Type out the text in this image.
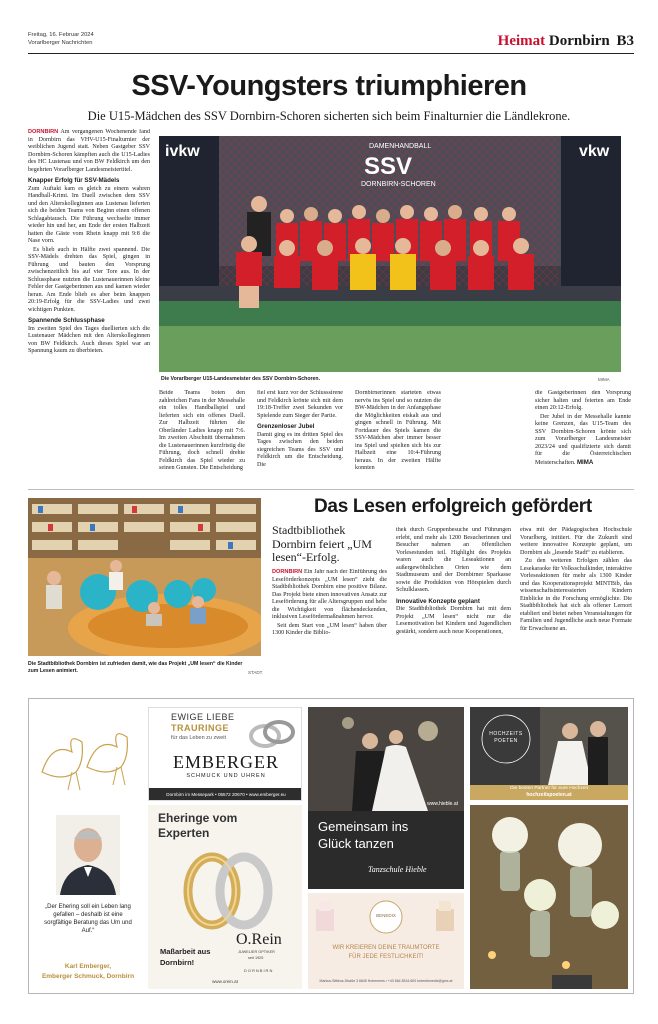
Freitag, 16. Februar 2024
Vorarlberger Nachrichten	Heimat Dornbirn B3
SSV-Youngsters triumphieren
Die U15-Mädchen des SSV Dornbirn-Schoren sicherten sich beim Finalturnier die Ländlekrone.

DORNBIRN Am vergangenen Wochenende fand in Dornbirn das VHV-U15-Finalturnier der weiblichen Jugend statt. Neben Gastgeber SSV Dornbirn-Schoren kämpften auch die U15-Ladies des HC Lustenau und von BW Feldkirch um den begehrten Vorarlberger Landesmeistertitel.

Knapper Erfolg für SSV-Mädels

Zum Auftakt kam es gleich zu einem wahren Handball-Krimi. Im Duell zwischen dem SSV und den Alterskolleginnen aus Lustenau lieferten sich die beiden Teams von Beginn einen offenen Schlagabtausch. Die Führung wechselte immer wieder hin und her, am Ende der ersten Halbzeit hatten die Gäste vom Rhein knapp mit 9:8 die Nase vorn.

Es blieb auch in Hälfte zwei spannend. Die SSV-Mädels drehten das Spiel, gingen in Führung und bauten den Vorsprung zwischenzeitlich bis auf vier Tore aus. In der Schlussphase nutzten die Lustenauerinnen kleine Fehler der Gastgeberinnen aus und kamen wieder heran. Am Ende blieb es aber beim knappen 20:19-Erfolg für die SSV-Ladies und zwei wichtigen Punkten.

Spannende Schlussphase

Im zweiten Spiel des Tages duellierten sich die Lustenauer Mädchen mit den Alterskolleginnen von BW Feldkirch. Auch dieses Spiel war an Spannung kaum zu überbieten.

ivkw	DAMENHANDBALL
SSV
DORNBIRN-SCHOREN
vkw
Die Vorarlberger U15-Landesmeister des SSV Dornbirn-Schoren.	MIMA

Beide Teams boten den zahlreichen Fans in der Messehalle ein tolles Handballspiel und lieferten sich ein offenes Duell. Zur Halbzeit führten die Oberländer Ladies knapp mit 7:6. Im zweiten Abschnitt übernahmen die Lustenauerinnen kurzfristig die Führung, doch schnell drehte Feldkirch das Spiel wieder zu seinen Gunsten. Die Entscheidung

fiel erst kurz vor der Schlusssirene und Feldkirch krönte sich mit dem 19:18-Treffer zwei Sekunden vor Spielende zum Sieger der Partie.

Grenzenloser Jubel

Damit ging es im dritten Spiel des Tages zwischen den beiden siegreichen Teams des SSV und Feldkirch um die Entscheidung. Die

Dornbirnerinnen starteten etwas nervös ins Spiel und so nutzten die BW-Mädchen in der Anfangsphase die Möglichkeiten eiskalt aus und gingen schnell in Führung. Mit Fortdauer des Spiels kamen die SSV-Mädchen aber immer besser ins Spiel und spielten sich bis zur Halbzeit eine 10:4-Führung heraus. In der zweiten Hälfte konnten

die Gastgeberinnen den Vorsprung sicher halten und feierten am Ende einen 20:12-Erfolg.

Der Jubel in der Messehalle kannte keine Grenzen, das U15-Team des SSV Dornbirn-Schoren krönte sich zum Vorarlberger Landesmeister 2023/24 und qualifizierte sich damit für die Österreichischen Meisterschaften. MIMA

Die Stadtbibliothek Dornbirn ist zufrieden damit, wie das Projekt „UM lesen“ die Kinder zum Lesen animiert.	STADT
Das Lesen erfolgreich gefördert
Stadtbibliothek
Dornbirn feiert „UM
lesen“-Erfolg.

DORNBIRN Ein Jahr nach der Einführung des Leseförderkonzepts „UM lesen“ zieht die Stadtbibliothek Dornbirn eine positive Bilanz. Das Projekt biete einen innovativen Ansatz zur Leseförderung für alle Altersgruppen und hebe die Wichtigkeit von flächendeckenden, inklusiven Lesefördermaßnahmen hervor.

Seit dem Start von „UM lesen“ haben über 1300 Kinder die Biblio-

thek durch Gruppenbesuche und Führungen erlebt, und mehr als 1200 Besucherinnen und Besucher nahmen an öffentlichen Vorlesestunden teil. Highlight des Projekts waren auch die Leseaktionen an außergewöhnlichen Orten wie dem Stadtmuseum und der Dornbirner Sparkasse sowie die Produktion von Hörspielen durch Schulklassen.

Innovative Konzepte geplant

Die Stadtbibliothek Dornbirn hat mit dem Projekt „UM lesen“ nicht nur die Lesemotivation bei Kindern und Jugendlichen gestärkt, sondern auch neue Kooperationen,

etwa mit der Pädagogischen Hochschule Vorarlberg, initiiert. Für die Zukunft sind weitere innovative Konzepte geplant, um Dornbirn als „lesende Stadt“ zu etablieren.

Zu den weiteren Erfolgen zählen das Lesekaraoke für Volksschulkinder, interaktive Vorleseaktionen für mehr als 1300 Kinder und das Kooperationsprojekt MINTBib, das wissenschaftsinteressierten Kindern Einblicke in die Forschung ermöglichte. Die Stadtbibliothek hat sich als offener Lernort etabliert und bietet neben Veranstaltungen für Familien und Jugendliche auch neue Formate für Erwachsene an.

EWIGE LIEBE
TRAURINGE
für das Leben zu zweit
EMBERGER
SCHMUCK UND UHREN
Dornbirn im Messepark • 05572 20670 • www.emberger.eu
„Der Ehering soll ein Leben lang gefallen – deshalb ist eine sorgfältige Beratung das Um und Auf.“
Karl Emberger,
Emberger Schmuck, Dornbirn
Eheringe vom
Experten
Maßarbeit aus
Dornbirn!
O.Rein
JUWELIER OPTIKER
seit 1925
DORNBIRN
www.orein.at
www.hieble.at
Gemeinsam ins
Glück tanzen
Tanzschule Hieble
BENEDIX
WIR KREIEREN DEINE TRAUMTORTE
FÜR JEDE FESTLICHKEIT!
Markus-Sittikus-Straße 3 6845 Hohenems • +43 664 8316 600 tortenbenedix@gmx.at
HOCHZEITS
POETEN
Die besten Partner für eure Hochzeit
hochzeitspoeten.at
